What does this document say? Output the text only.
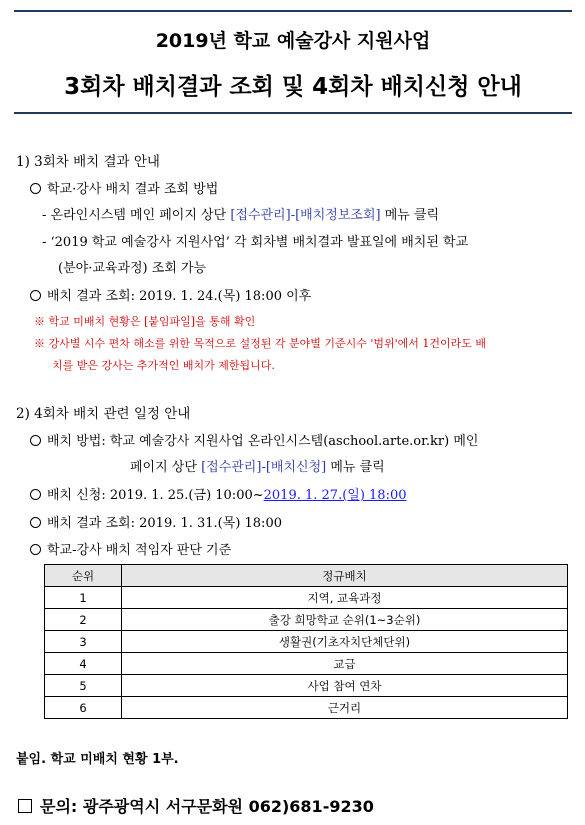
2019년 학교 예술강사 지원사업
3회차 배치결과 조회 및 4회차 배치신청 안내
1) 3회차 배치 결과 안내
학교·강사 배치 결과 조회 방법
- 온라인시스템 메인 페이지 상단 [접수관리]-[배치정보조회] 메뉴 클릭
- ‘2019 학교 예술강사 지원사업’ 각 회차별 배치결과 발표일에 배치된 학교
(분야·교육과정) 조회 가능
배치 결과 조회: 2019. 1. 24.(목) 18:00 이후
※ 학교 미배치 현황은 [붙임파일]을 통해 확인
※ 강사별 시수 편차 해소를 위한 목적으로 설정된 각 분야별 기준시수 '범위'에서 1건이라도 배
치를 받은 강사는 추가적인 배치가 제한됩니다.
2) 4회차 배치 관련 일정 안내
배치 방법: 학교 예술강사 지원사업 온라인시스템(aschool.arte.or.kr) 메인
페이지 상단 [접수관리]-[배치신청] 메뉴 클릭
배치 신청: 2019. 1. 25.(금) 10:00~2019. 1. 27.(일) 18:00
배치 결과 조회: 2019. 1. 31.(목) 18:00
학교-강사 배치 적임자 판단 기준
순위	정규배치
1	지역, 교육과정
2	출강 희망학교 순위(1~3순위)
3	생활권(기초자치단체단위)
4	교급
5	사업 참여 연차
6	근거리
붙임. 학교 미배치 현황 1부.
문의: 광주광역시 서구문화원 062)681-9230
